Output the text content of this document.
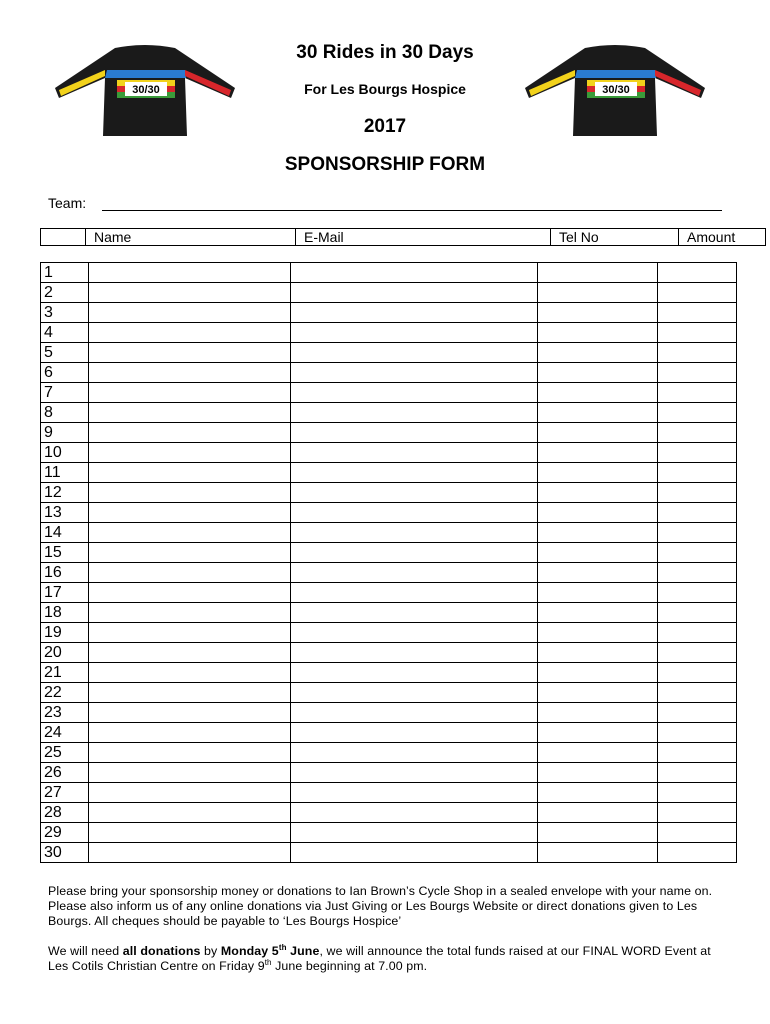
30/30	30/30
30 Rides in 30 Days
For Les Bourgs Hospice
2017
SPONSORSHIP FORM
Team:
	Name	E-Mail	Tel No	Amount
1				
2				
3				
4				
5				
6				
7				
8				
9				
10				
11				
12				
13				
14				
15				
16				
17				
18				
19				
20				
21				
22				
23				
24				
25				
26				
27				
28				
29				
30				

Please bring your sponsorship money or donations to Ian Brown’s Cycle Shop in a sealed envelope with your name on. Please also inform us of any online donations via Just Giving or Les Bourgs Website or direct donations given to Les Bourgs. All cheques should be payable to ‘Les Bourgs Hospice’

We will need all donations by Monday 5th June, we will announce the total funds raised at our FINAL WORD Event at Les Cotils Christian Centre on Friday 9th June beginning at 7.00 pm.
